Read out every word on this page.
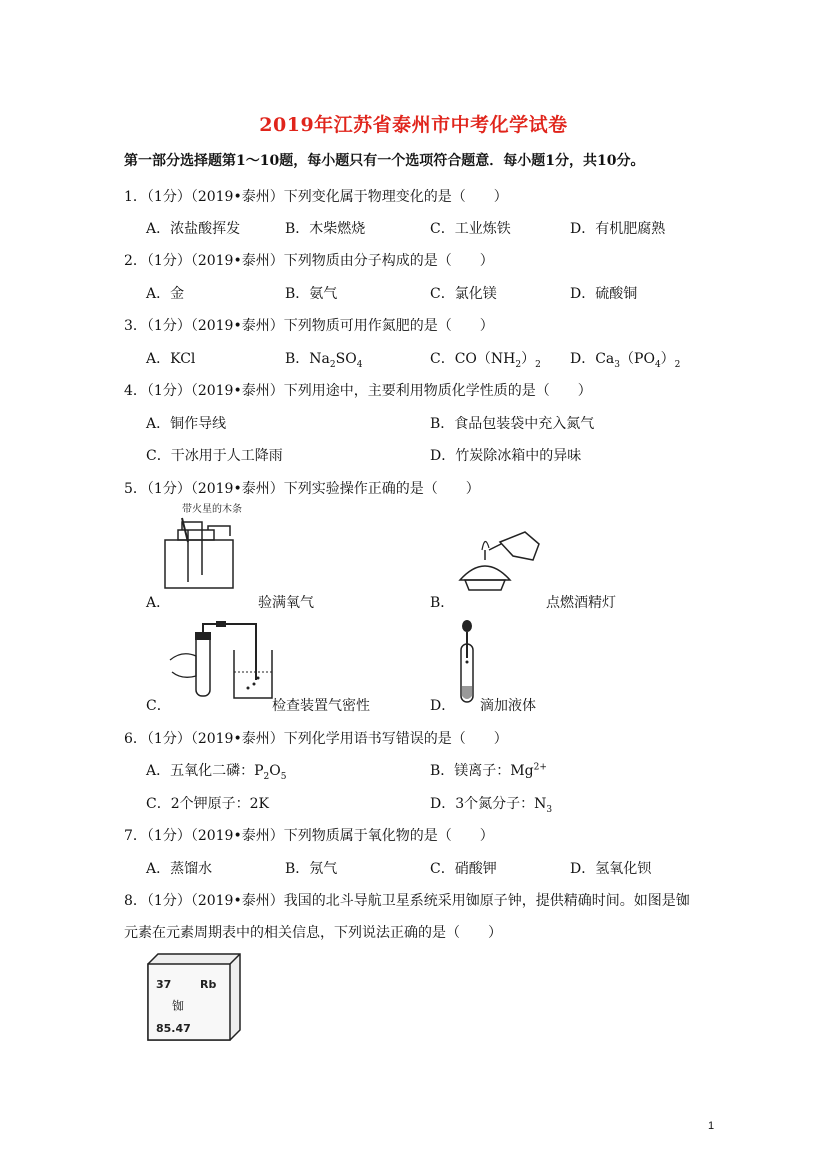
2019年江苏省泰州市中考化学试卷
第一部分选择题第1～10题，每小题只有一个选项符合题意．每小题1分，共10分。
1．（1分）（2019•泰州）下列变化属于物理变化的是（　　）
A．浓盐酸挥发	B．木柴燃烧	C．工业炼铁	D．有机肥腐熟
2．（1分）（2019•泰州）下列物质由分子构成的是（　　）
A．金	B．氨气	C．氯化镁	D．硫酸铜
3．（1分）（2019•泰州）下列物质可用作氮肥的是（　　）
A．KCl	B．$Na_2SO_4$	C．$CO(NH_2)_2$ D．$Ca_3(PO_4)_2$
4．（1分）（2019•泰州）下列用途中，主要利用物质化学性质的是（　　）
A．铜作导线	B．食品包装袋中充入氮气
C．干冰用于人工降雨	D．竹炭除冰箱中的异味
5．（1分）（2019•泰州）下列实验操作正确的是（　　）
带火星的木条
A．	验满氧气	B．	点燃酒精灯
C．	检查装置气密性	D． 滴加液体
6．（1分）（2019•泰州）下列化学用语书写错误的是（　　）
A．五氧化二磷：$P_2O_5$	B．镁离子：$Mg^{2+}$
C．2个钾原子：2K	D．3个氮分子：$N_3$
7．（1分）（2019•泰州）下列物质属于氧化物的是（　　）
A．蒸馏水	B．氖气	C．硝酸钾	D．氢氧化钡
8．（1分）（2019•泰州）我国的北斗导航卫星系统采用铷原子钟，提供精确时间。如图是铷
元素在元素周期表中的相关信息，下列说法正确的是（　　）
37	Rb
铷
85.47
1
